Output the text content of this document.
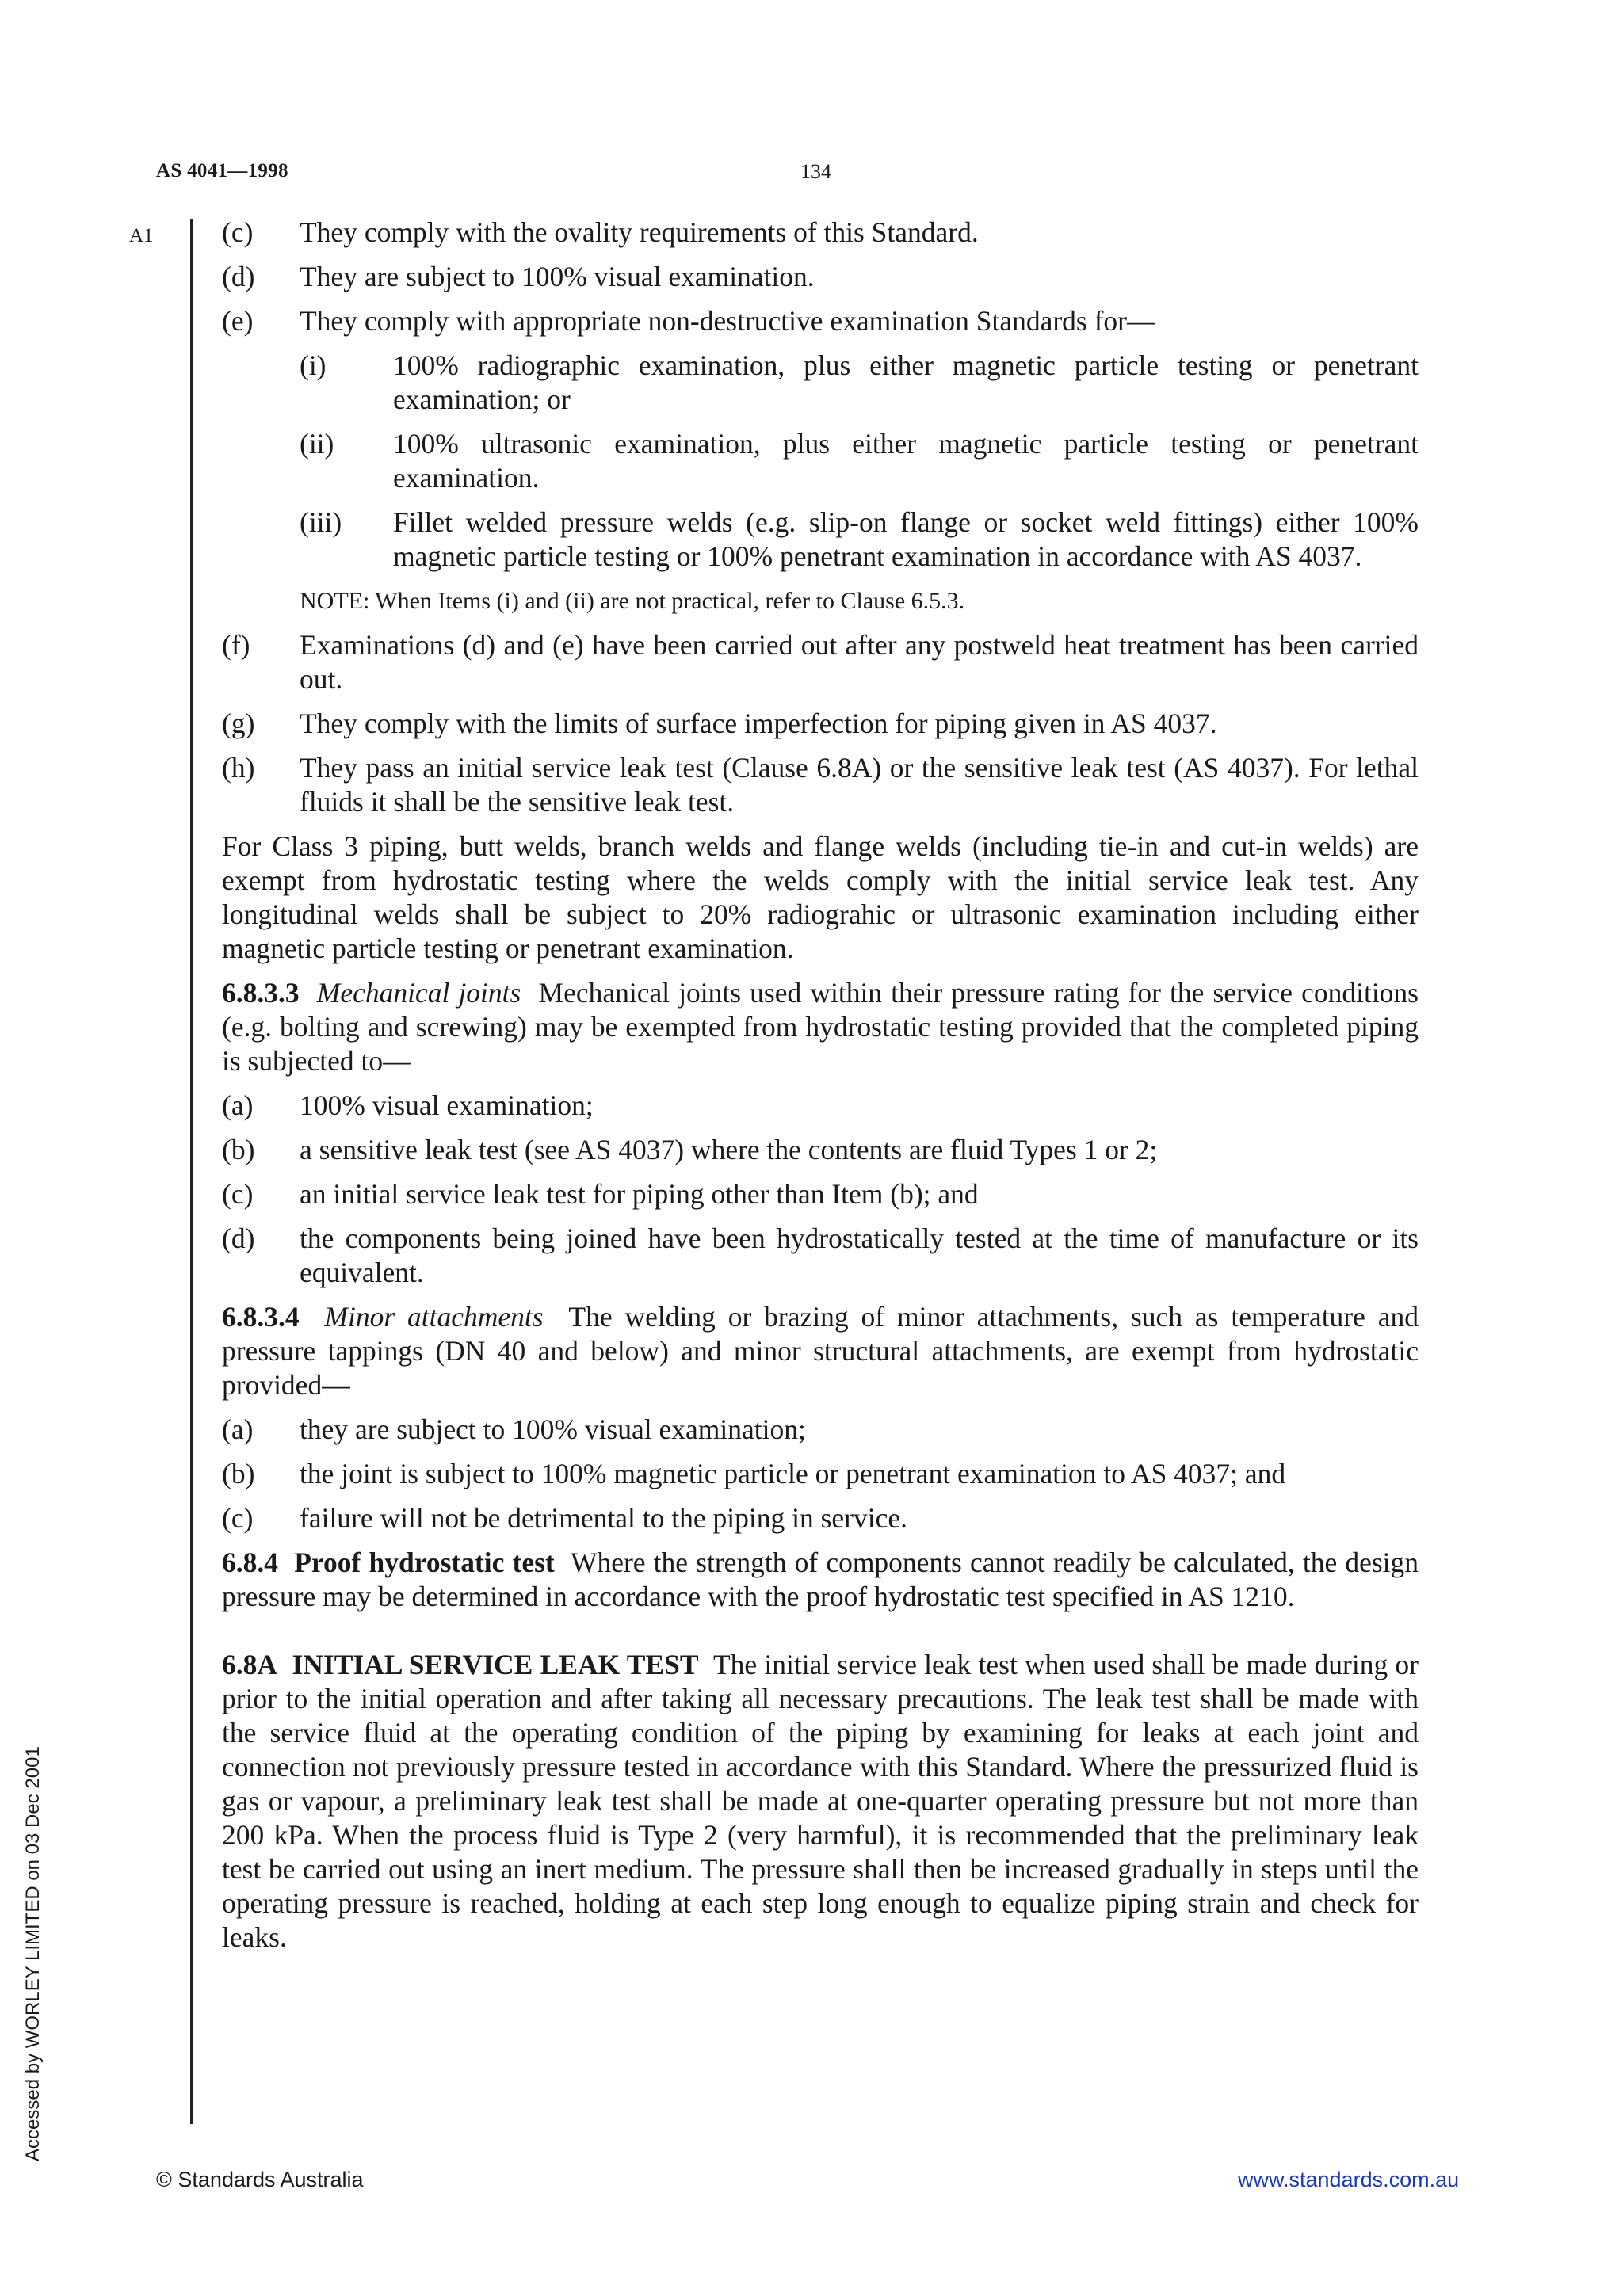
AS 4041—1998	134
A1 (c) They comply with the ovality requirements of this Standard.
(d) They are subject to 100% visual examination.
(e) They comply with appropriate non-destructive examination Standards for—
(i) 100% radiographic examination, plus either magnetic particle testing or penetrant examination; or
(ii) 100% ultrasonic examination, plus either magnetic particle testing or penetrant examination.
(iii) Fillet welded pressure welds (e.g. slip-on flange or socket weld fittings) either 100% magnetic particle testing or 100% penetrant examination in accordance with AS 4037.
NOTE: When Items (i) and (ii) are not practical, refer to Clause 6.5.3.
(f) Examinations (d) and (e) have been carried out after any postweld heat treatment has been carried out.
(g) They comply with the limits of surface imperfection for piping given in AS 4037.
(h) They pass an initial service leak test (Clause 6.8A) or the sensitive leak test (AS 4037). For lethal fluids it shall be the sensitive leak test.
For Class 3 piping, butt welds, branch welds and flange welds (including tie-in and cut-in welds) are exempt from hydrostatic testing where the welds comply with the initial service leak test. Any longitudinal welds shall be subject to 20% radiograhic or ultrasonic examination including either magnetic particle testing or penetrant examination.
6.8.3.3 Mechanical joints Mechanical joints used within their pressure rating for the service conditions (e.g. bolting and screwing) may be exempted from hydrostatic testing provided that the completed piping is subjected to—
(a) 100% visual examination;
(b) a sensitive leak test (see AS 4037) where the contents are fluid Types 1 or 2;
(c) an initial service leak test for piping other than Item (b); and
(d) the components being joined have been hydrostatically tested at the time of manufacture or its equivalent.
6.8.3.4 Minor attachments The welding or brazing of minor attachments, such as temperature and pressure tappings (DN 40 and below) and minor structural attachments, are exempt from hydrostatic provided—
(a) they are subject to 100% visual examination;
(b) the joint is subject to 100% magnetic particle or penetrant examination to AS 4037; and
(c) failure will not be detrimental to the piping in service.
6.8.4 Proof hydrostatic test Where the strength of components cannot readily be calculated, the design pressure may be determined in accordance with the proof hydrostatic test specified in AS 1210.
6.8A INITIAL SERVICE LEAK TEST The initial service leak test when used shall be made during or prior to the initial operation and after taking all necessary precautions. The leak test shall be made with the service fluid at the operating condition of the piping by examining for leaks at each joint and connection not previously pressure tested in accordance with this Standard. Where the pressurized fluid is gas or vapour, a preliminary leak test shall be made at one-quarter operating pressure but not more than 200 kPa. When the process fluid is Type 2 (very harmful), it is recommended that the preliminary leak test be carried out using an inert medium. The pressure shall then be increased gradually in steps until the operating pressure is reached, holding at each step long enough to equalize piping strain and check for leaks.
Accessed by WORLEY LIMITED on 03 Dec 2001
© Standards Australia	www.standards.com.au
